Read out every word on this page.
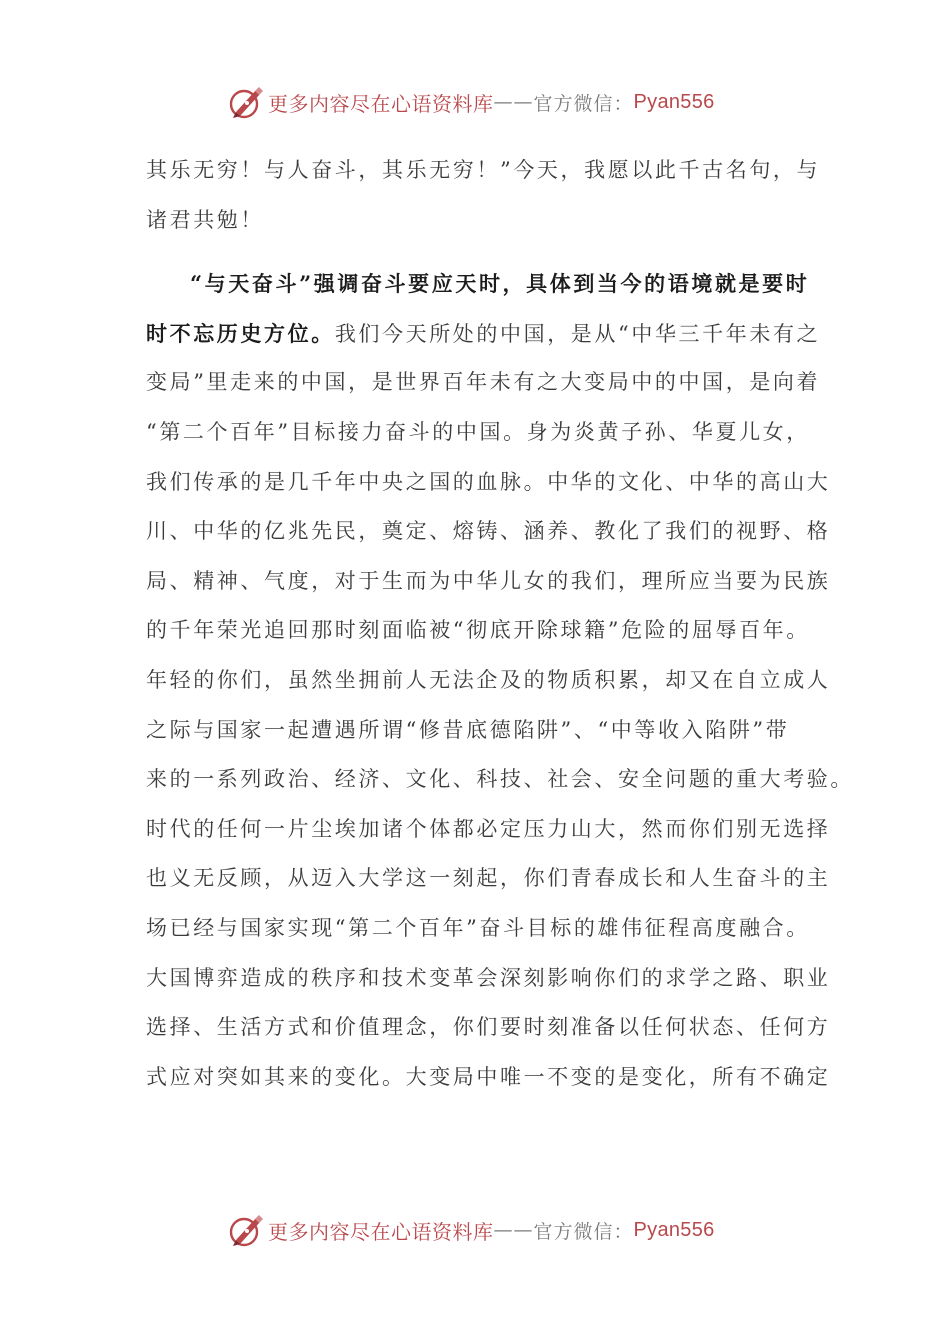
更多内容尽在心语资料库 —— 官方微信： Pyan556
其乐无穷！与人奋斗，其乐无穷！”今天，我愿以此千古名句，与
诸君共勉！
“与天奋斗”强调奋斗要应天时，具体到当今的语境就是要时
时不忘历史方位。我们今天所处的中国，是从“中华三千年未有之
变局”里走来的中国，是世界百年未有之大变局中的中国，是向着
“第二个百年”目标接力奋斗的中国。身为炎黄子孙、华夏儿女，
我们传承的是几千年中央之国的血脉。中华的文化、中华的高山大
川、中华的亿兆先民，奠定、熔铸、涵养、教化了我们的视野、格
局、精神、气度，对于生而为中华儿女的我们，理所应当要为民族
的千年荣光追回那时刻面临被“彻底开除球籍”危险的屈辱百年。
年轻的你们，虽然坐拥前人无法企及的物质积累，却又在自立成人
之际与国家一起遭遇所谓“修昔底德陷阱”、“中等收入陷阱”带
来的一系列政治、经济、文化、科技、社会、安全问题的重大考验。
时代的任何一片尘埃加诸个体都必定压力山大，然而你们别无选择
也义无反顾，从迈入大学这一刻起，你们青春成长和人生奋斗的主
场已经与国家实现“第二个百年”奋斗目标的雄伟征程高度融合。
大国博弈造成的秩序和技术变革会深刻影响你们的求学之路、职业
选择、生活方式和价值理念，你们要时刻准备以任何状态、任何方
式应对突如其来的变化。大变局中唯一不变的是变化，所有不确定
更多内容尽在心语资料库 —— 官方微信： Pyan556
